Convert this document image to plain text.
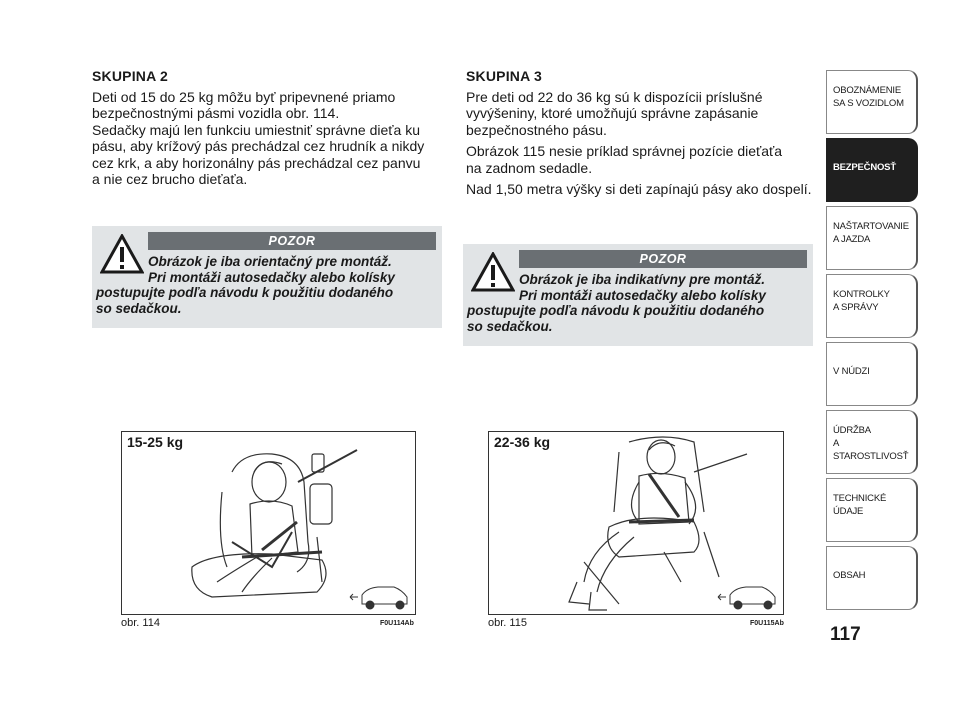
SKUPINA 2

Deti od 15 do 25 kg môžu byť pripevnené priamo
bezpečnostnými pásmi vozidla obr. 114.
Sedačky majú len funkciu umiestniť správne dieťa ku
pásu, aby krížový pás prechádzal cez hrudník a nikdy
cez krk, a aby horizonálny pás prechádzal cez panvu
a nie cez brucho dieťaťa.

POZOR
Obrázok je iba orientačný pre montáž.
Pri montáži autosedačky alebo kolísky
postupujte podľa návodu k použitiu dodaného
so sedačkou.
SKUPINA 3

Pre deti od 22 do 36 kg sú k dispozícii príslušné
vyvýšeniny, ktoré umožňujú správne zapásanie
bezpečnostného pásu.

Obrázok 115 nesie príklad správnej pozície dieťaťa
na zadnom sedadle.

Nad 1,50 metra výšky si deti zapínajú pásy ako dospelí.

POZOR
Obrázok je iba indikatívny pre montáž.
Pri montáži autosedačky alebo kolísky
postupujte podľa návodu k použitiu dodaného
so sedačkou.
15-25 kg
obr. 114	F0U114Ab
22-36 kg
obr. 115	F0U115Ab
OBOZNÁMENIE
SA S VOZIDLOM
BEZPEČNOSŤ
NAŠTARTOVANIE
A JAZDA
KONTROLKY
A SPRÁVY
V NÚDZI
ÚDRŽBA
A STAROSTLIVOSŤ
TECHNICKÉ
ÚDAJE
OBSAH
117
